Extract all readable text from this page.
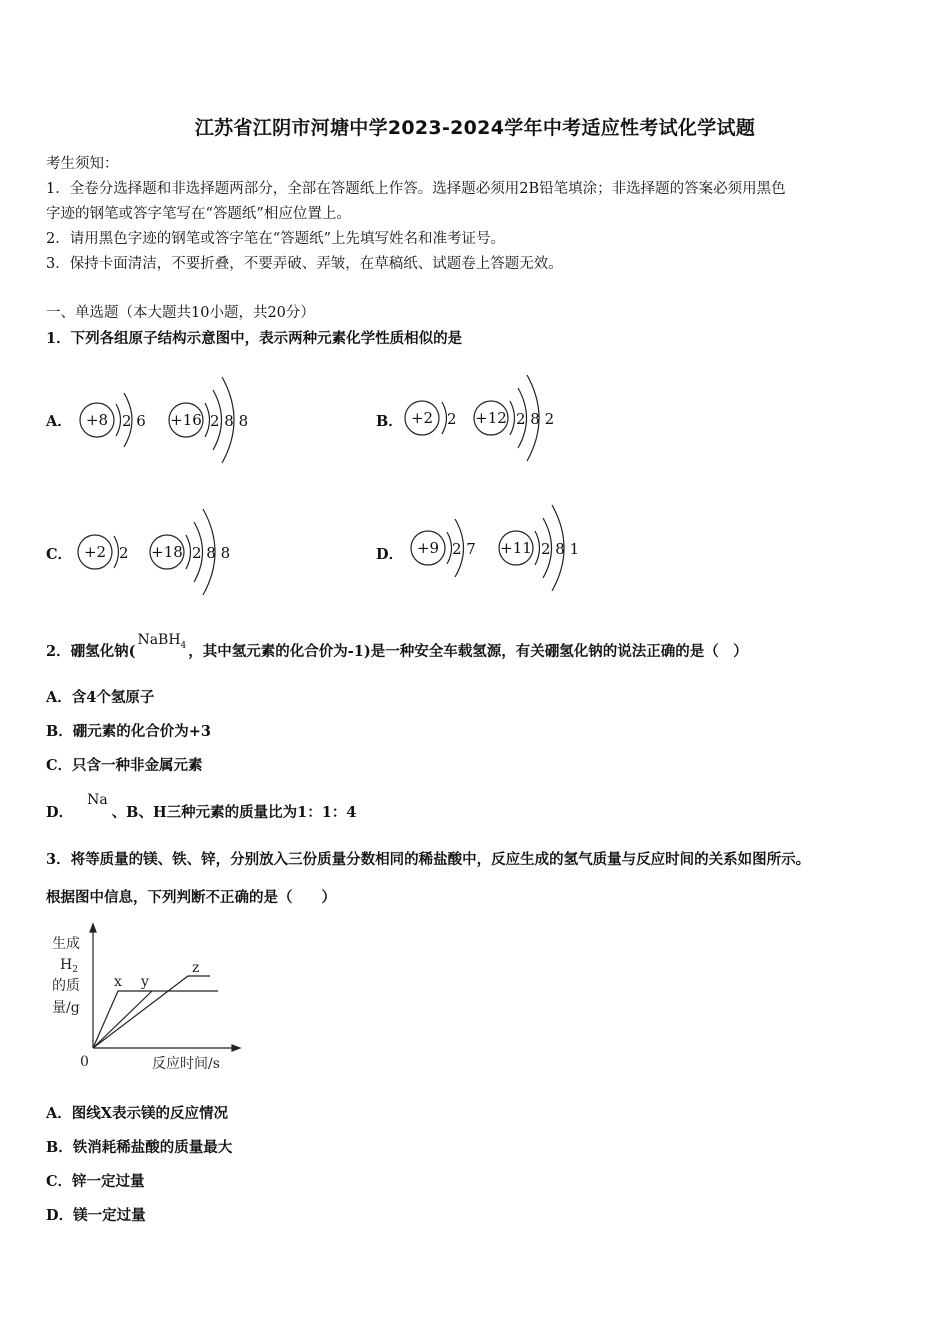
江苏省江阴市河塘中学2023-2024学年中考适应性考试化学试题
考生须知：
1．全卷分选择题和非选择题两部分，全部在答题纸上作答。选择题必须用2B铅笔填涂；非选择题的答案必须用黑色
字迹的钢笔或答字笔写在“答题纸”相应位置上。
2．请用黑色字迹的钢笔或答字笔在“答题纸”上先填写姓名和准考证号。
3．保持卡面清洁，不要折叠，不要弄破、弄皱，在草稿纸、试题卷上答题无效。
一、单选题（本大题共10小题，共20分）
1．下列各组原子结构示意图中，表示两种元素化学性质相似的是
A．	B．
C．	D．
+8 2 6 +16 2 8 8	+2 2 +12 2 8 2
+2 2 +18 2 8 8	+9 2 7 +11 2 8 1
2．硼氢化钠(NaBH$_4$ ，其中氢元素的化合价为-1)是一种安全车载氢源，有关硼氢化钠的说法正确的是（　）
A．含4个氢原子
B．硼元素的化合价为+3
C．只含一种非金属元素
D．Na、B、H三种元素的质量比为1：1：4
3．将等质量的镁、铁、锌，分别放入三份质量分数相同的稀盐酸中，反应生成的氢气质量与反应时间的关系如图所示。
根据图中信息，下列判断不正确的是（　　）
生成
$H_2$
的质
量/g
0	反应时间/s
x y
z
A．图线X表示镁的反应情况
B．铁消耗稀盐酸的质量最大
C．锌一定过量
D．镁一定过量
